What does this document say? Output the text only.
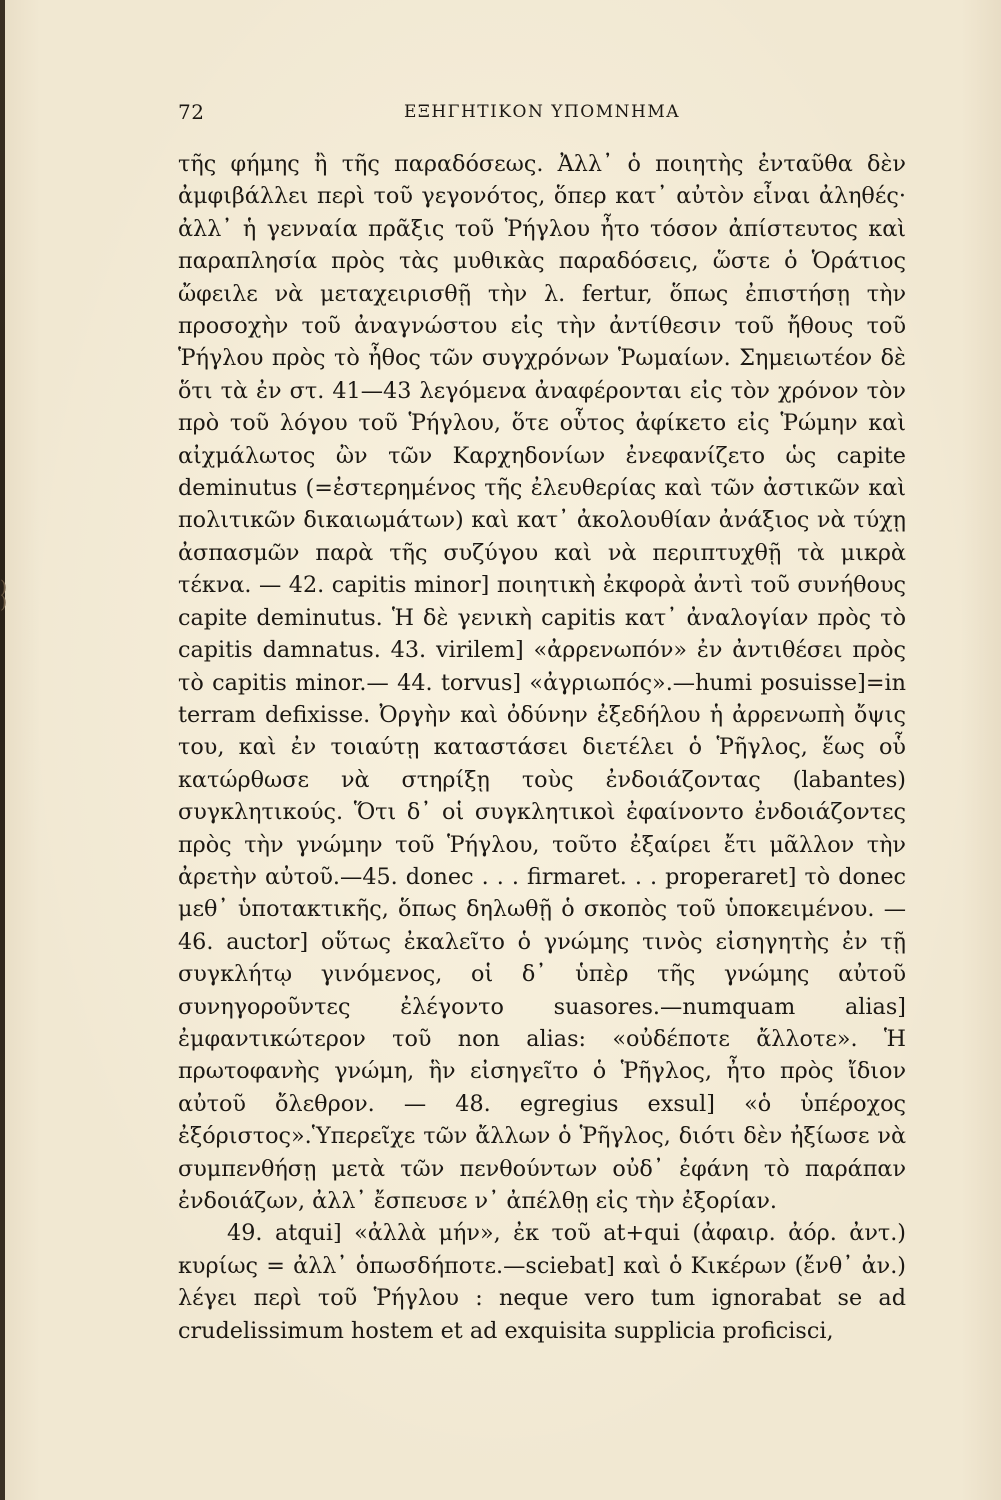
)
)
72	ΕΞΗΓΗΤΙΚΟΝ ΥΠΟΜΝΗΜΑ

τῆς φήμης ἢ τῆς παραδόσεως. Ἀλλ᾽ ὁ ποιητὴς ἐνταῦθα δὲν ἀμφιβάλλει περὶ τοῦ γεγονότος, ὅπερ κατ᾽ αὐτὸν εἶναι ἀληθές· ἀλλ᾽ ἡ γενναία πρᾶξις τοῦ Ῥήγλου ἦτο τόσον ἀπίστευτος καὶ παραπλησία πρὸς τὰς μυθικὰς παραδόσεις, ὥστε ὁ Ὁράτιος ὤφειλε νὰ μεταχειρισθῇ τὴν λ. fertur, ὅπως ἐπιστήσῃ τὴν προσοχὴν τοῦ ἀναγνώστου εἰς τὴν ἀντίθεσιν τοῦ ἤθους τοῦ Ῥήγλου πρὸς τὸ ἦθος τῶν συγχρόνων Ῥωμαίων. Σημειωτέον δὲ ὅτι τὰ ἐν στ. 41—43 λεγόμενα ἀναφέρονται εἰς τὸν χρόνον τὸν πρὸ τοῦ λόγου τοῦ Ῥήγλου, ὅτε οὗτος ἀφίκετο εἰς Ῥώμην καὶ αἰχμάλωτος ὢν τῶν Καρχηδονίων ἐνεφανίζετο ὡς capite deminutus (=ἐστερημένος τῆς ἐλευθερίας καὶ τῶν ἀστικῶν καὶ πολιτικῶν δικαιωμάτων) καὶ κατ᾽ ἀκολουθίαν ἀνάξιος νὰ τύχῃ ἀσπασμῶν παρὰ τῆς συζύγου καὶ νὰ περιπτυχθῇ τὰ μικρὰ τέκνα. — 42. capitis minor] ποιητικὴ ἐκφορὰ ἀντὶ τοῦ συνήθους capite deminutus. Ἡ δὲ γενικὴ capitis κατ᾽ ἀναλογίαν πρὸς τὸ capitis damnatus. 43. virilem] «ἀρρενωπόν» ἐν ἀντιθέσει πρὸς τὸ capitis minor.— 44. torvus] «ἀγριωπός».—humi posuisse]=in terram defixisse. Ὀργὴν καὶ ὀδύνην ἐξεδήλου ἡ ἀρρενωπὴ ὄψις του, καὶ ἐν τοιαύτῃ καταστάσει διετέλει ὁ Ῥῆγλος, ἕως οὗ κατώρθωσε νὰ στηρίξῃ τοὺς ἐνδοιάζοντας (labantes) συγκλητικούς. Ὅτι δ᾽ οἱ συγκλητικοὶ ἐφαίνοντο ἐνδοιάζοντες πρὸς τὴν γνώμην τοῦ Ῥήγλου, τοῦτο ἐξαίρει ἔτι μᾶλλον τὴν ἀρετὴν αὐτοῦ.—45. donec . . . firmaret. . . properaret] τὸ donec μεθ᾽ ὑποτακτικῆς, ὅπως δηλωθῇ ὁ σκοπὸς τοῦ ὑποκειμένου. — 46. auctor] οὕτως ἐκαλεῖτο ὁ γνώμης τινὸς εἰσηγητὴς ἐν τῇ συγκλήτῳ γινόμενος, οἱ δ᾽ ὑπὲρ τῆς γνώμης αὐτοῦ συνηγοροῦντες ἐλέγοντο suasores.—numquam alias] ἐμφαντικώτερον τοῦ non alias: «οὐδέποτε ἄλλοτε». Ἡ πρωτοφανὴς γνώμη, ἣν εἰσηγεῖτο ὁ Ῥῆγλος, ἦτο πρὸς ἴδιον αὐτοῦ ὄλεθρον. — 48. egregius exsul] «ὁ ὑπέροχος ἐξόριστος».Ὑπερεῖχε τῶν ἄλλων ὁ Ῥῆγλος, διότι δὲν ἠξίωσε νὰ συμπενθήσῃ μετὰ τῶν πενθούντων οὐδ᾽ ἐφάνη τὸ παράπαν ἐνδοιάζων, ἀλλ᾽ ἔσπευσε ν᾽ ἀπέλθῃ εἰς τὴν ἐξορίαν.

49. atqui] «ἀλλὰ μήν», ἐκ τοῦ at+qui (ἀφαιρ. ἀόρ. ἀντ.) κυρίως = ἀλλ᾽ ὁπωσδήποτε.—sciebat] καὶ ὁ Κικέρων (ἔνθ᾽ ἀν.) λέγει περὶ τοῦ Ῥήγλου : neque vero tum ignorabat se ad crudelissimum hostem et ad exquisita supplicia proficisci,
